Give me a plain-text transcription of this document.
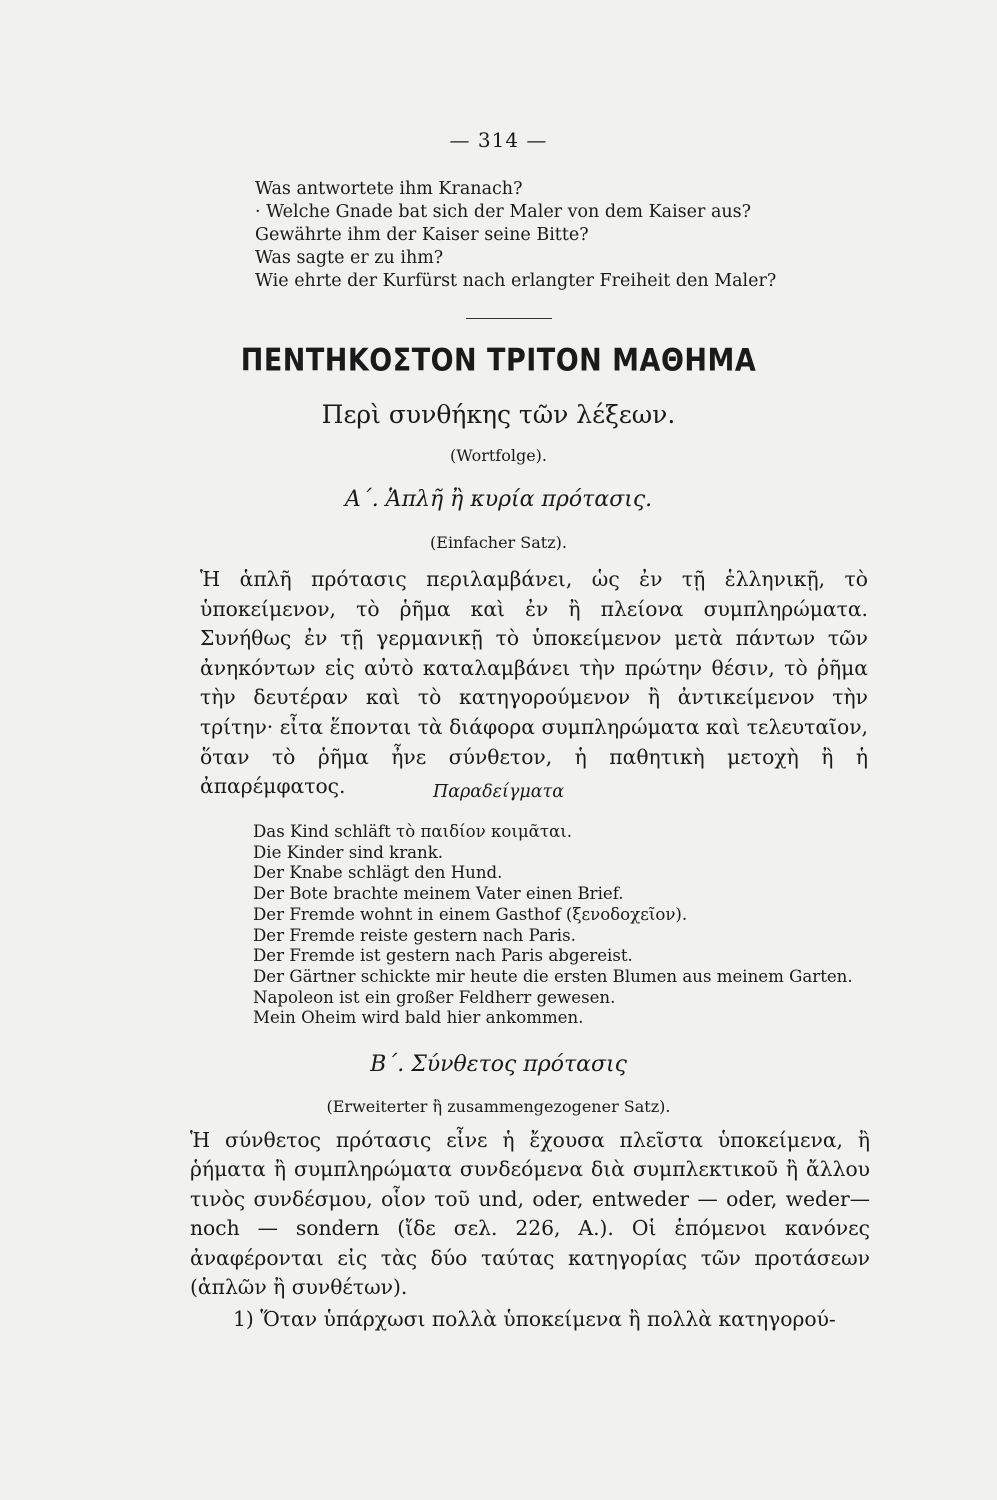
— 314 —
Was antwortete ihm Kranach?
· Welche Gnade bat sich der Maler von dem Kaiser aus?
Gewährte ihm der Kaiser seine Bitte?
Was sagte er zu ihm?
Wie ehrte der Kurfürst nach erlangter Freiheit den Maler?
ΠΕΝΤΗΚΟΣΤΟΝ ΤΡΙΤΟΝ ΜΑΘΗΜΑ
Περὶ συνθήκης τῶν λέξεων.
(Wortfolge).
Α΄. Ἁπλῆ ἢ κυρία πρότασις.
(Einfacher Satz).
Ἡ ἁπλῆ πρότασις περιλαμβάνει, ὡς ἐν τῇ ἑλληνικῇ, τὸ ὑποκείμενον, τὸ ῥῆμα καὶ ἐν ἢ πλείονα συμπληρώματα. Συνήθως ἐν τῇ γερμανικῇ τὸ ὑποκείμενον μετὰ πάντων τῶν ἀνηκόντων εἰς αὐτὸ καταλαμβάνει τὴν πρώτην θέσιν, τὸ ῥῆμα τὴν δευτέραν καὶ τὸ κατηγορούμενον ἢ ἀντικείμενον τὴν τρίτην· εἶτα ἕπονται τὰ διάφορα συμπληρώματα καὶ τελευταῖον, ὅταν τὸ ῥῆμα ἦνε σύνθετον, ἡ παθητικὴ μετοχὴ ἢ ἡ ἀπαρέμφατος.	Παραδείγματα
Das Kind schläft τὸ παιδίον κοιμᾶται.
Die Kinder sind krank.
Der Knabe schlägt den Hund.
Der Bote brachte meinem Vater einen Brief.
Der Fremde wohnt in einem Gasthof (ξενοδοχεῖον).
Der Fremde reiste gestern nach Paris.
Der Fremde ist gestern nach Paris abgereist.
Der Gärtner schickte mir heute die ersten Blumen aus meinem Garten.
Napoleon ist ein großer Feldherr gewesen.
Mein Oheim wird bald hier ankommen.
Β΄. Σύνθετος πρότασις
(Erweiterter ἢ zusammengezogener Satz).
Ἡ σύνθετος πρότασις εἶνε ἡ ἔχουσα πλεῖστα ὑποκείμενα, ἢ ῥήματα ἢ συμπληρώματα συνδεόμενα διὰ συμπλεκτικοῦ ἢ ἄλλου τινὸς συνδέσμου, οἷον τοῦ und, oder, entweder — oder, weder—noch — sondern (ἴδε σελ. 226, Α.). Οἱ ἑπόμενοι κανόνες ἀναφέρονται εἰς τὰς δύο ταύτας κατηγορίας τῶν προτάσεων (ἁπλῶν ἢ συνθέτων).
1) Ὅταν ὑπάρχωσι πολλὰ ὑποκείμενα ἢ πολλὰ κατηγορού-
